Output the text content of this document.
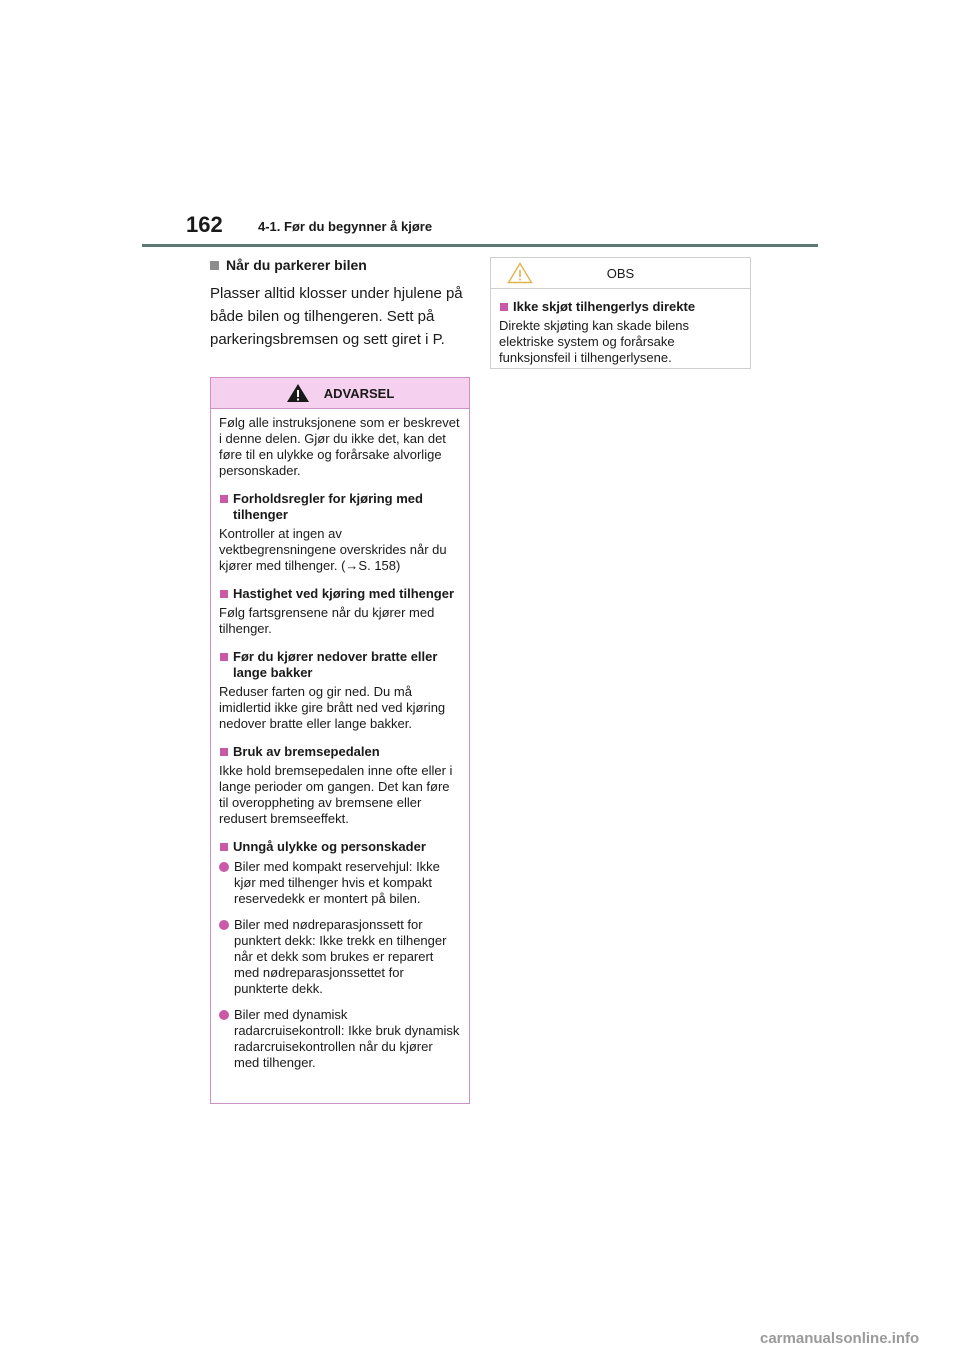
162	4-1. Før du begynner å kjøre
Når du parkerer bilen
Plasser alltid klosser under hjulene på både bilen og tilhengeren. Sett på parkeringsbremsen og sett giret i P.
ADVARSEL

Følg alle instruksjonene som er beskrevet i denne delen. Gjør du ikke det, kan det føre til en ulykke og forårsake alvorlige personskader.

Forholdsregler for kjøring med tilhenger

Kontroller at ingen av vektbegrensningene overskrides når du kjører med tilhenger. (→S. 158)

Hastighet ved kjøring med tilhenger

Følg fartsgrensene når du kjører med tilhenger.

Før du kjører nedover bratte eller lange bakker

Reduser farten og gir ned. Du må imidlertid ikke gire brått ned ved kjøring nedover bratte eller lange bakker.

Bruk av bremsepedalen

Ikke hold bremsepedalen inne ofte eller i lange perioder om gangen. Det kan føre til overoppheting av bremsene eller redusert bremseeffekt.

Unngå ulykke og personskader

Biler med kompakt reservehjul: Ikke kjør med tilhenger hvis et kompakt reservedekk er montert på bilen.

Biler med nødreparasjonssett for punktert dekk: Ikke trekk en tilhenger når et dekk som brukes er reparert med nødreparasjonssettet for punkterte dekk.

Biler med dynamisk radarcruisekontroll: Ikke bruk dynamisk radarcruisekontrollen når du kjører med tilhenger.

OBS
Ikke skjøt tilhengerlys direkte

Direkte skjøting kan skade bilens elektriske system og forårsake funksjonsfeil i tilhengerlysene.

carmanualsonline.info
